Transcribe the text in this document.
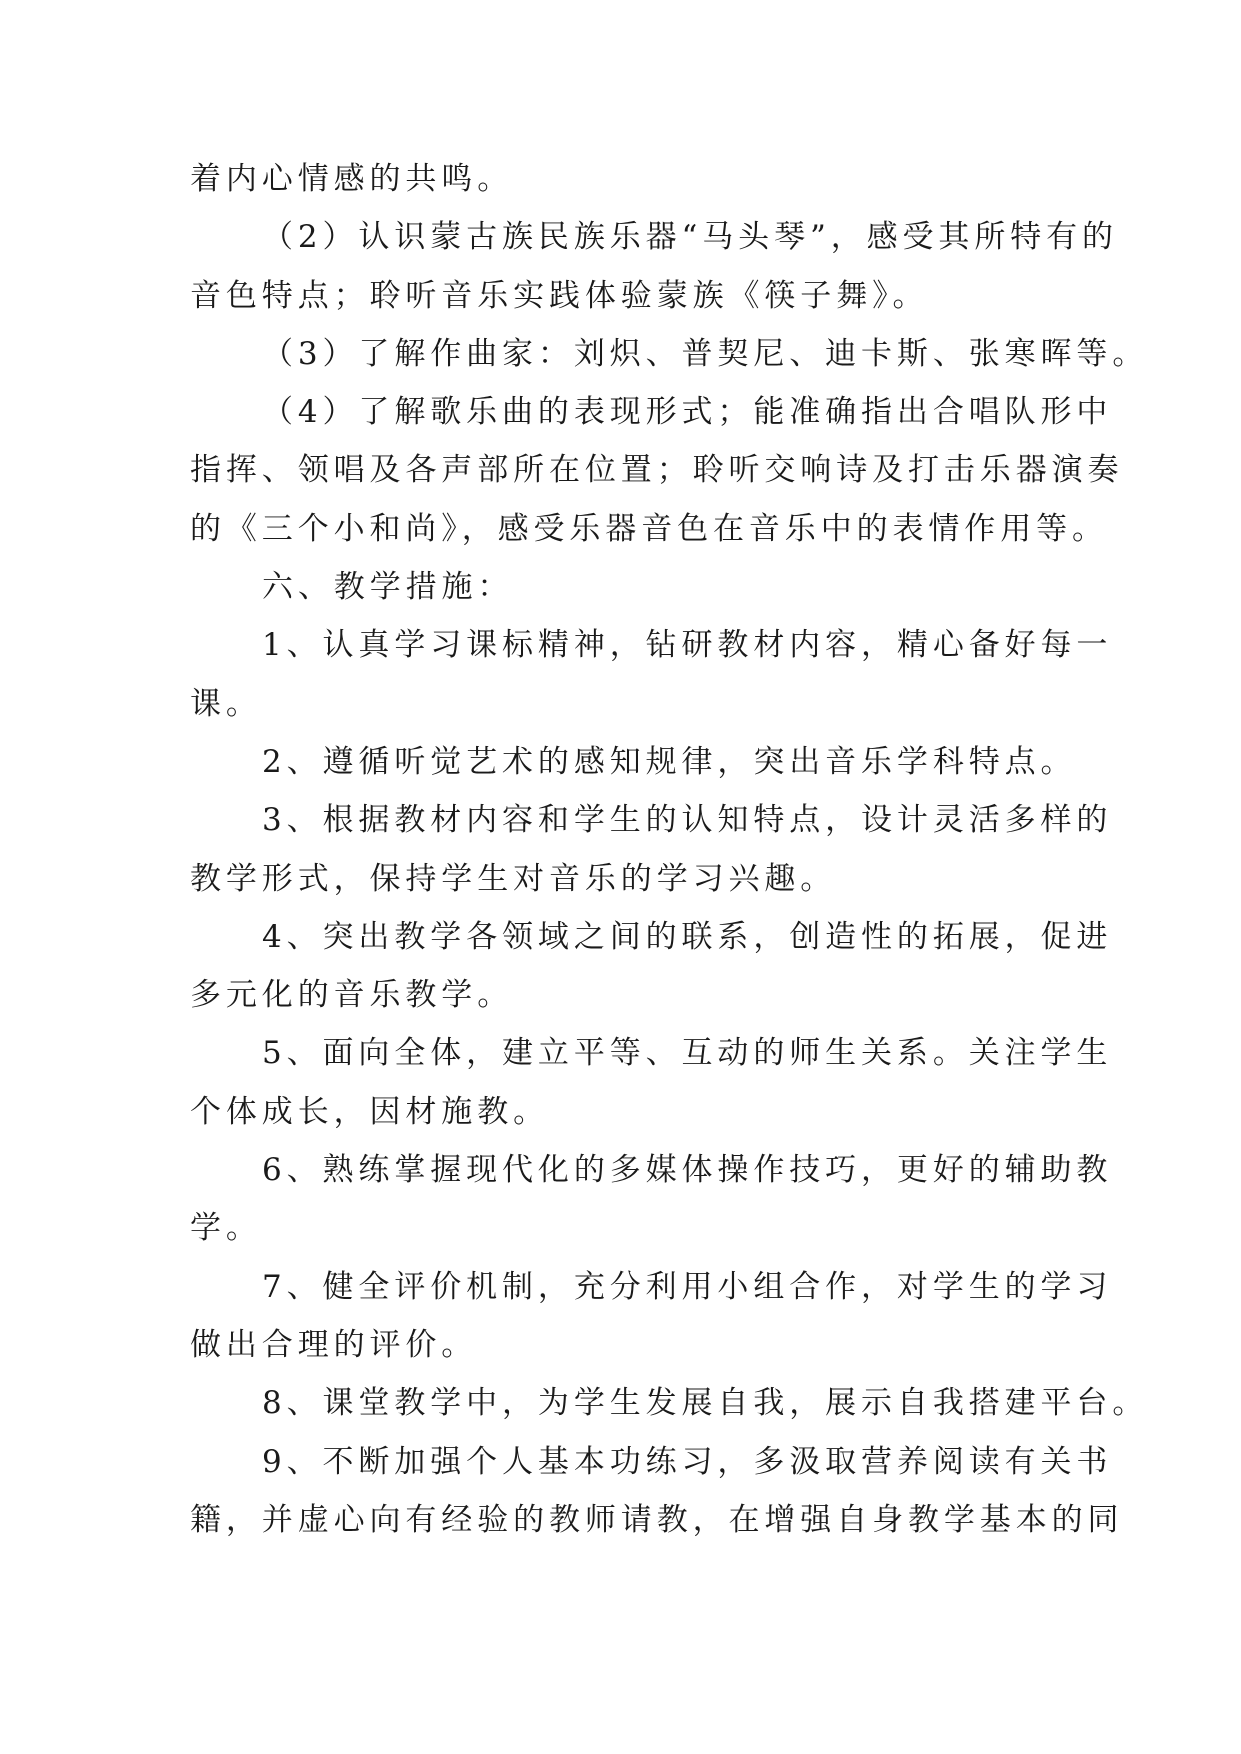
着内心情感的共鸣。
（2）认识蒙古族民族乐器“马头琴”，感受其所特有的
音色特点；聆听音乐实践体验蒙族《筷子舞》。
（3）了解作曲家：刘炽、普契尼、迪卡斯、张寒晖等。
（4）了解歌乐曲的表现形式；能准确指出合唱队形中
指挥、领唱及各声部所在位置；聆听交响诗及打击乐器演奏
的《三个小和尚》，感受乐器音色在音乐中的表情作用等。
六、教学措施：
1、认真学习课标精神，钻研教材内容，精心备好每一
课。
2、遵循听觉艺术的感知规律，突出音乐学科特点。
3、根据教材内容和学生的认知特点，设计灵活多样的
教学形式，保持学生对音乐的学习兴趣。
4、突出教学各领域之间的联系，创造性的拓展，促进
多元化的音乐教学。
5、面向全体，建立平等、互动的师生关系。关注学生
个体成长，因材施教。
6、熟练掌握现代化的多媒体操作技巧，更好的辅助教
学。
7、健全评价机制，充分利用小组合作，对学生的学习
做出合理的评价。
8、课堂教学中，为学生发展自我，展示自我搭建平台。
9、不断加强个人基本功练习，多汲取营养阅读有关书
籍，并虚心向有经验的教师请教，在增强自身教学基本的同
